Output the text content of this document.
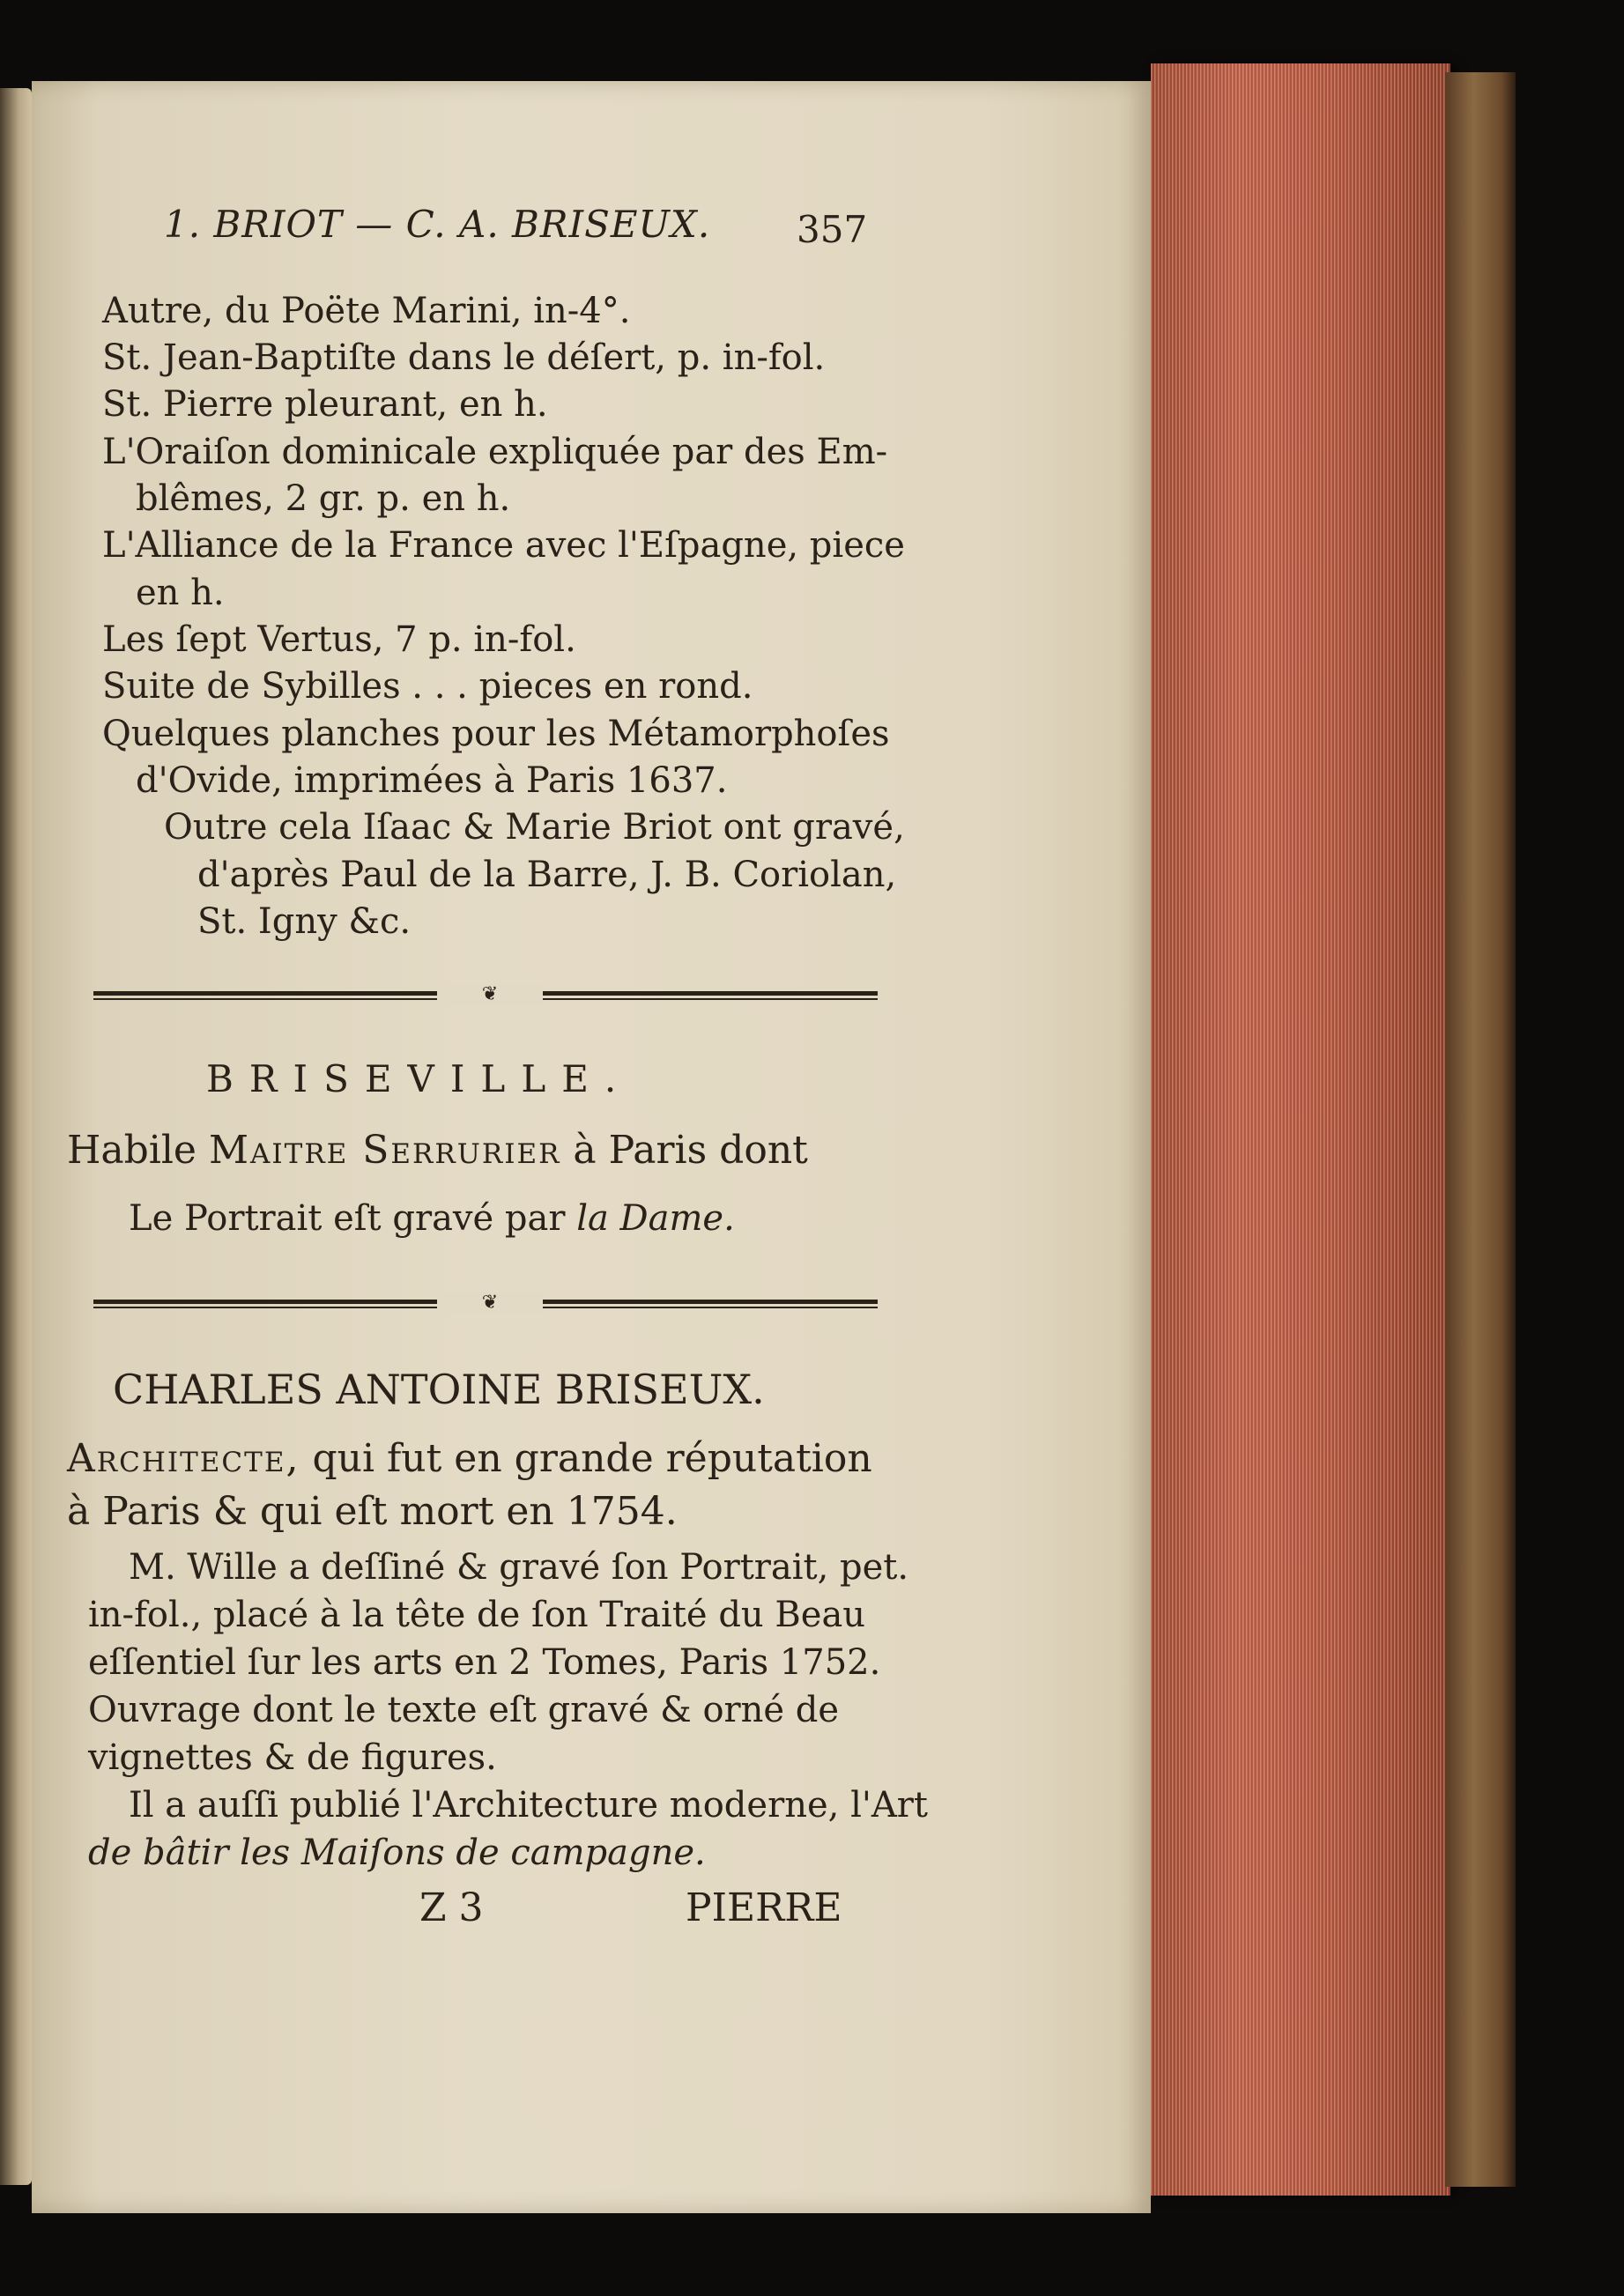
1. BRIOT — C. A. BRISEUX. 357
Autre, du Poëte Marini, in-4°.
St. Jean-Baptiſte dans le déſert, p. in-fol.
St. Pierre pleurant, en h.
L'Oraiſon dominicale expliquée par des Em-
blêmes, 2 gr. p. en h.
L'Alliance de la France avec l'Eſpagne, piece
en h.
Les ſept Vertus, 7 p. in-fol.
Suite de Sybilles . . . pieces en rond.
Quelques planches pour les Métamorphoſes
d'Ovide, imprimées à Paris 1637.
Outre cela Iſaac & Marie Briot ont gravé,
d'après Paul de la Barre, J. B. Coriolan,
St. Igny &c.
❦
BRISEVILLE.
Habile Maitre Serrurier à Paris dont
Le Portrait eſt gravé par la Dame.
❦
CHARLES ANTOINE BRISEUX.
Architecte, qui fut en grande réputation
à Paris & qui eſt mort en 1754.
M. Wille a deſſiné & gravé ſon Portrait, pet.
in-fol., placé à la tête de ſon Traité du Beau
eſſentiel ſur les arts en 2 Tomes, Paris 1752.
Ouvrage dont le texte eſt gravé & orné de
vignettes & de figures.
Il a auſſi publié l'Architecture moderne, l'Art
de bâtir les Maiſons de campagne.
Z 3	PIERRE
